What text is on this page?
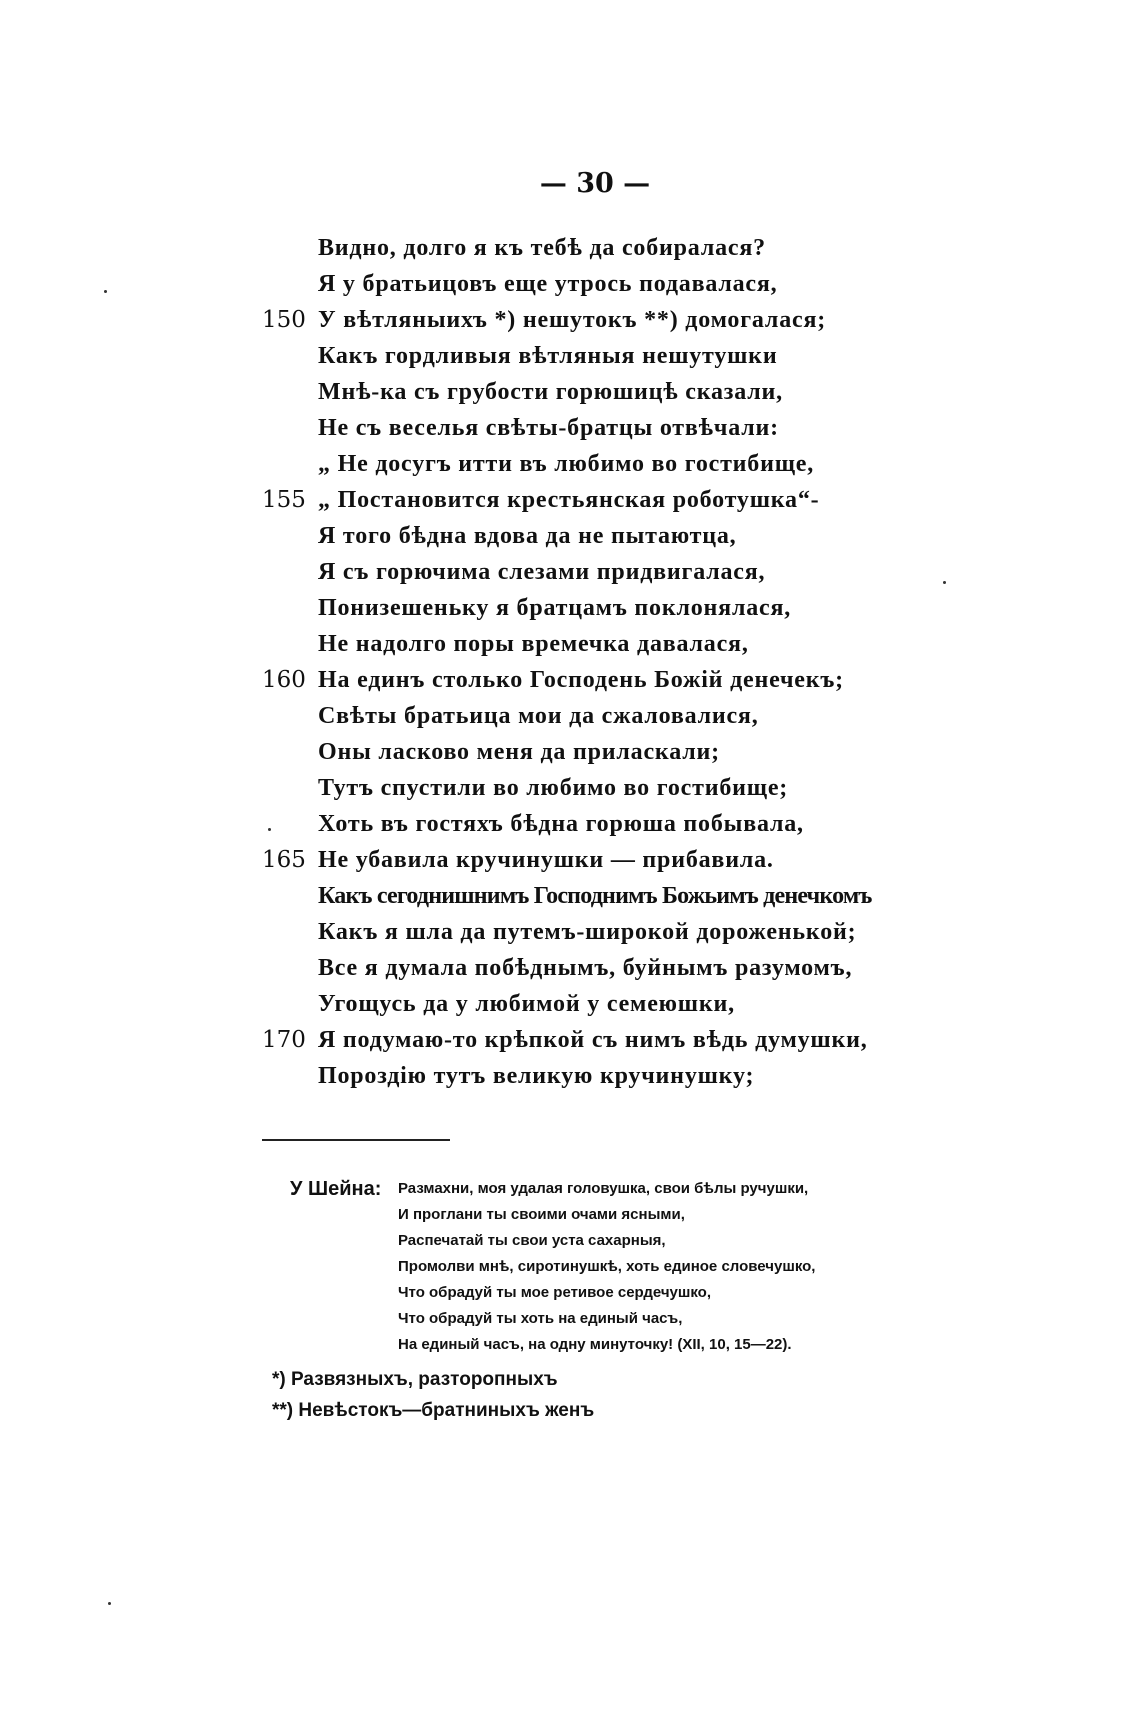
— 30 —
Видно, долго я къ тебѣ да собиралася?
Я у братьицовъ еще утрось подавалася,
150 У вѣтляныихъ *) нешутокъ **) домогалася;
Какъ гордливыя вѣтляныя нешутушки
Мнѣ-ка съ грубости горюшицѣ сказали,
Не съ веселья свѣты-братцы отвѣчали:
„ Не досугъ итти въ любимо во гостибище,
155 „ Постановится крестьянская роботушка“-
Я того бѣдна вдова да не пытаютца,
Я съ горючима слезами придвигалася,
Понизешеньку я братцамъ поклонялася,
Не надолго поры времечка давалася,
160 На единъ столько Господень Божій денечекъ;
Свѣты братьица мои да сжаловалися,
Оны ласково меня да приласкали;
Тутъ спустили во любимо во гостибище;
Хоть въ гостяхъ бѣдна горюша побывала,
165 Не убавила кручинушки — прибавила.
Какъ сегоднишнимъ Господнимъ Божьимъ денечкомъ
Какъ я шла да путемъ-широкой дороженькой;
Все я думала побѣднымъ, буйнымъ разумомъ,
Угощусь да у любимой у семеюшки,
170 Я подумаю-то крѣпкой съ нимъ вѣдь думушки,
Пороздію тутъ великую кручинушку;
У Шейна: Размахни, моя удалая головушка, свои бѣлы ручушки,
И проглани ты своими очами ясными,
Распечатай ты свои уста сахарныя,
Промолви мнѣ, сиротинушкѣ, хоть единое словечушко,
Что обрадуй ты мое ретивое сердечушко,
Что обрадуй ты хоть на единый часъ,
На единый часъ, на одну минуточку! (XII, 10, 15—22).
*) Развязныхъ, разторопныхъ
**) Невѣстокъ—братниныхъ женъ
